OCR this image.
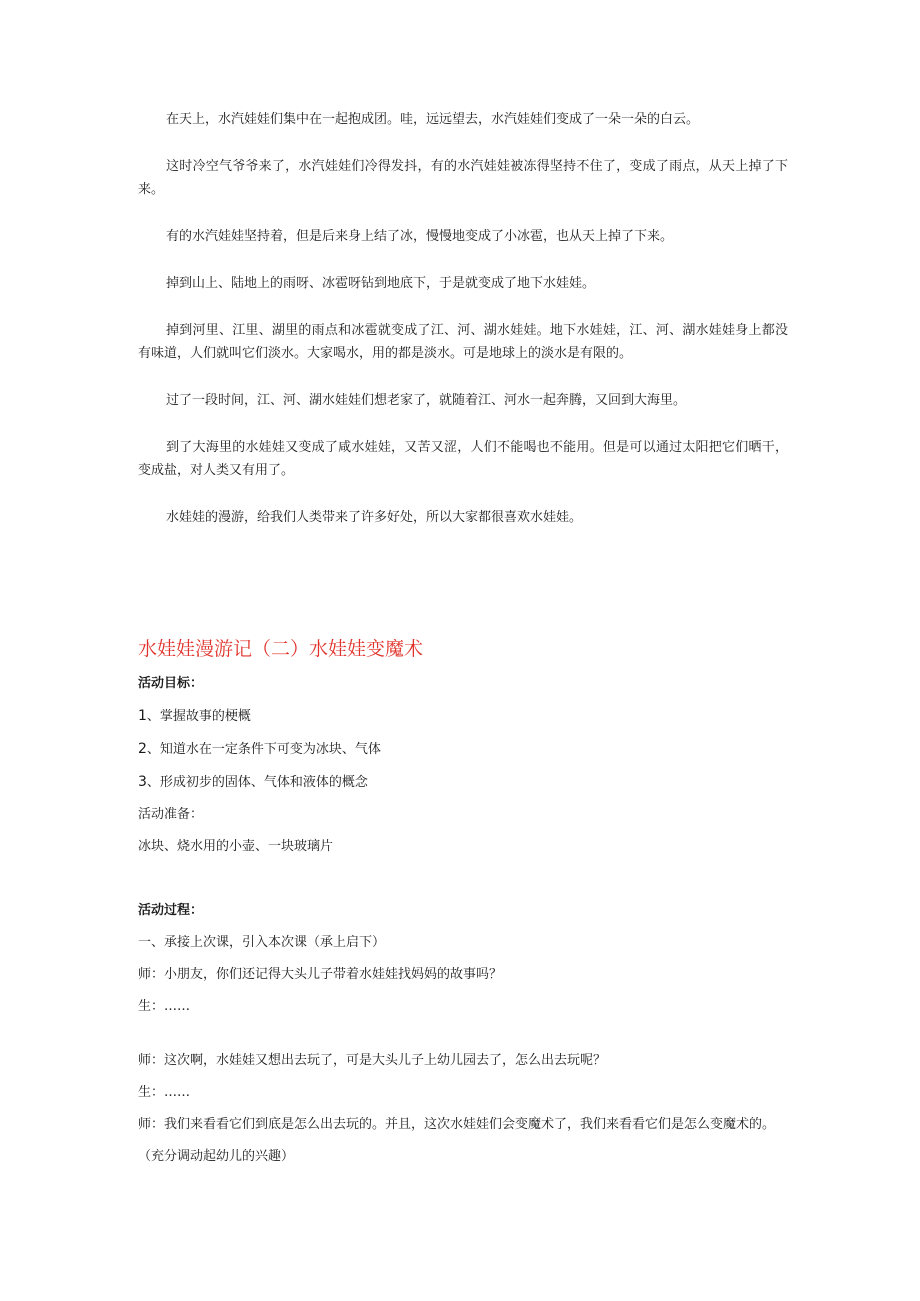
在天上，水汽娃娃们集中在一起抱成团。哇，远远望去，水汽娃娃们变成了一朵一朵的白云。

这时冷空气爷爷来了，水汽娃娃们冷得发抖，有的水汽娃娃被冻得坚持不住了，变成了雨点，从天上掉了下来。

有的水汽娃娃坚持着，但是后来身上结了冰，慢慢地变成了小冰雹，也从天上掉了下来。

掉到山上、陆地上的雨呀、冰雹呀钻到地底下，于是就变成了地下水娃娃。

掉到河里、江里、湖里的雨点和冰雹就变成了江、河、湖水娃娃。地下水娃娃，江、河、湖水娃娃身上都没有味道，人们就叫它们淡水。大家喝水，用的都是淡水。可是地球上的淡水是有限的。

过了一段时间，江、河、湖水娃娃们想老家了，就随着江、河水一起奔腾，又回到大海里。

到了大海里的水娃娃又变成了咸水娃娃，又苦又涩，人们不能喝也不能用。但是可以通过太阳把它们晒干，变成盐，对人类又有用了。

水娃娃的漫游，给我们人类带来了许多好处，所以大家都很喜欢水娃娃。

水娃娃漫游记（二）水娃娃变魔术
活动目标：
1、掌握故事的梗概
2、知道水在一定条件下可变为冰块、气体
3、形成初步的固体、气体和液体的概念
活动准备：
冰块、烧水用的小壶、一块玻璃片
活动过程：
一、承接上次课，引入本次课（承上启下）
师：小朋友，你们还记得大头儿子带着水娃娃找妈妈的故事吗？
生：……
师：这次啊，水娃娃又想出去玩了，可是大头儿子上幼儿园去了，怎么出去玩呢？
生：……
师：我们来看看它们到底是怎么出去玩的。并且，这次水娃娃们会变魔术了，我们来看看它们是怎么变魔术的。
（充分调动起幼儿的兴趣）
